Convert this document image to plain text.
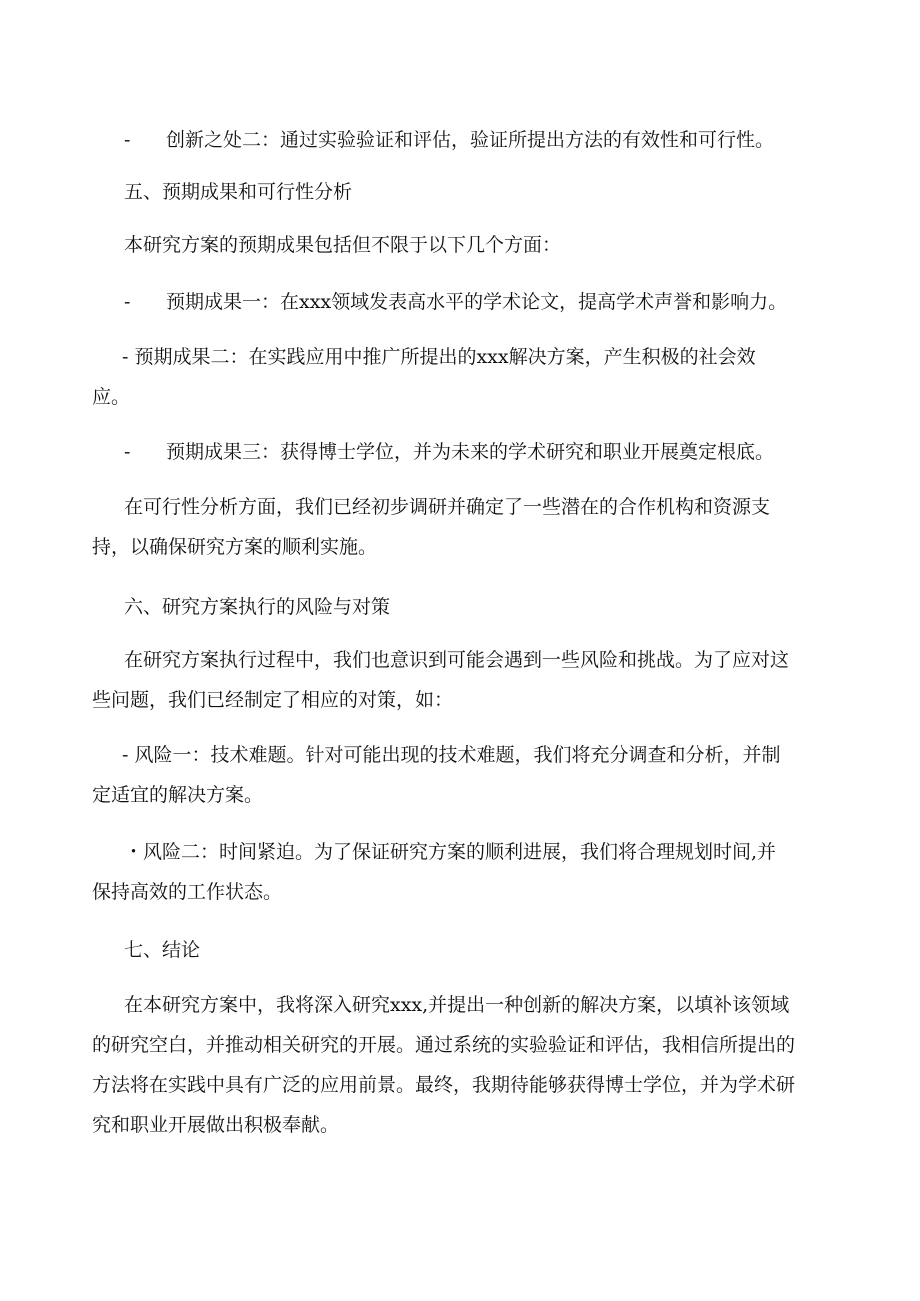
- 创新之处二：通过实验验证和评估，验证所提出方法的有效性和可行性。
五、预期成果和可行性分析
本研究方案的预期成果包括但不限于以下几个方面：
- 预期成果一：在xxx领域发表高水平的学术论文，提高学术声誉和影响力。
- 预期成果二：在实践应用中推广所提出的xxx解决方案，产生积极的社会效
应。
- 预期成果三：获得博士学位，并为未来的学术研究和职业开展奠定根底。
在可行性分析方面，我们已经初步调研并确定了一些潜在的合作机构和资源支
持，以确保研究方案的顺利实施。
六、研究方案执行的风险与对策
在研究方案执行过程中，我们也意识到可能会遇到一些风险和挑战。为了应对这
些问题，我们已经制定了相应的对策，如：
- 风险一：技术难题。针对可能出现的技术难题，我们将充分调查和分析，并制
定适宜的解决方案。
・风险二：时间紧迫。为了保证研究方案的顺利进展，我们将合理规划时间,并
保持高效的工作状态。
七、结论
在本研究方案中，我将深入研究xxx,并提出一种创新的解决方案，以填补该领域
的研究空白，并推动相关研究的开展。通过系统的实验验证和评估，我相信所提出的
方法将在实践中具有广泛的应用前景。最终，我期待能够获得博士学位，并为学术研
究和职业开展做出积极奉献。
